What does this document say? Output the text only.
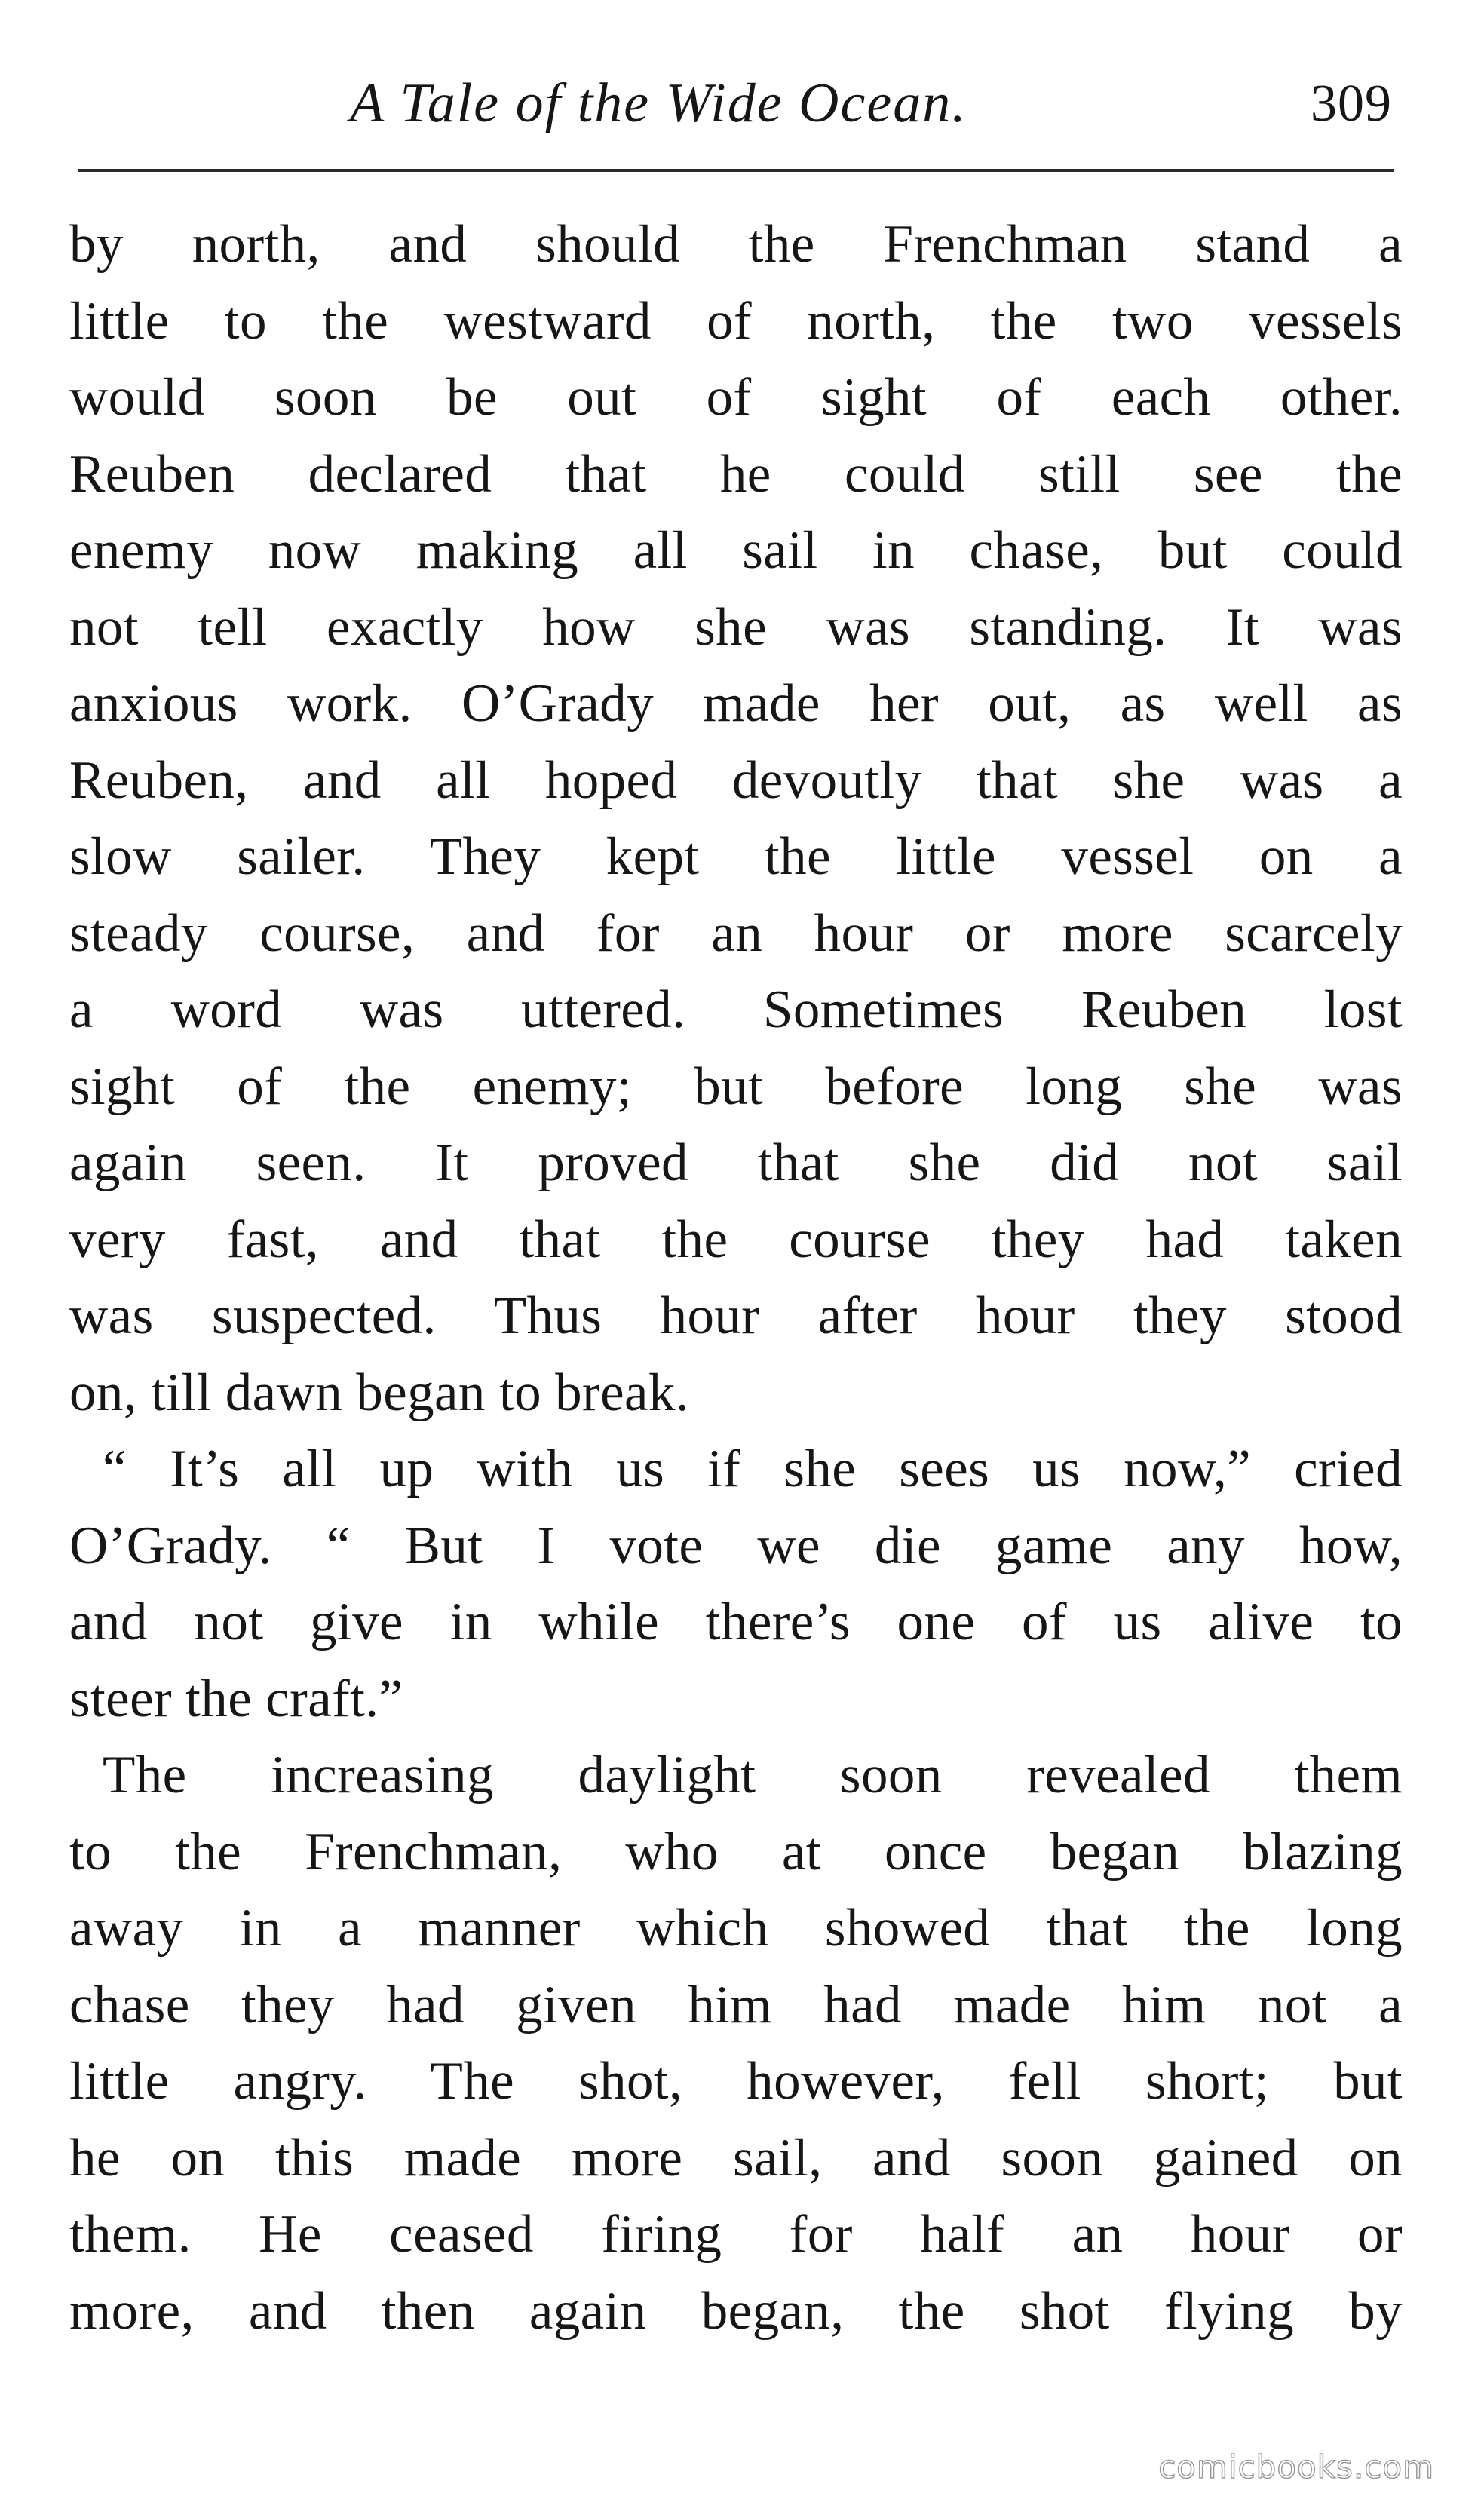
A Tale of the Wide Ocean.	309
by north, and should the Frenchman stand a
little to the westward of north, the two vessels
would soon be out of sight of each other.
Reuben declared that he could still see the
enemy now making all sail in chase, but could
not tell exactly how she was standing. It was
anxious work. O’Grady made her out, as well as
Reuben, and all hoped devoutly that she was a
slow sailer. They kept the little vessel on a
steady course, and for an hour or more scarcely
a word was uttered. Sometimes Reuben lost
sight of the enemy; but before long she was
again seen. It proved that she did not sail
very fast, and that the course they had taken
was suspected. Thus hour after hour they stood
on, till dawn began to break.
“ It’s all up with us if she sees us now,” cried
O’Grady. “ But I vote we die game any how,
and not give in while there’s one of us alive to
steer the craft.”
The increasing daylight soon revealed them
to the Frenchman, who at once began blazing
away in a manner which showed that the long
chase they had given him had made him not a
little angry. The shot, however, fell short; but
he on this made more sail, and soon gained on
them. He ceased firing for half an hour or
more, and then again began, the shot flying by
comicbooks.com
